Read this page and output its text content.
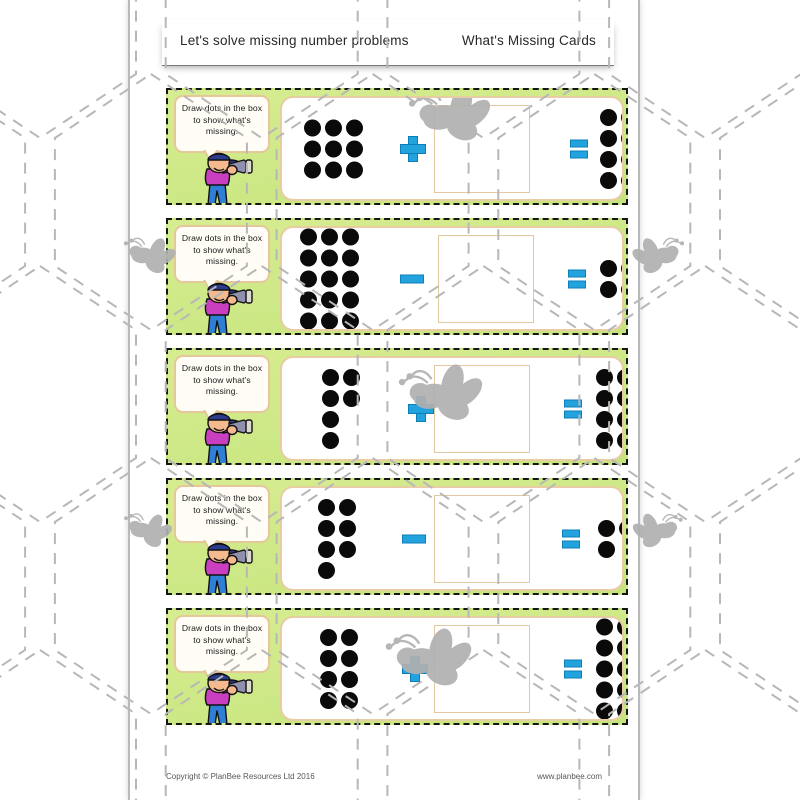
Let's solve missing number problems	What's Missing Cards
Draw dots in the box to show what's missing.
Draw dots in the box to show what's missing.
Draw dots in the box to show what's missing.
Draw dots in the box to show what's missing.
Draw dots in the box to show what's missing.
Copyright © PlanBee Resources Ltd 2016	www.planbee.com
